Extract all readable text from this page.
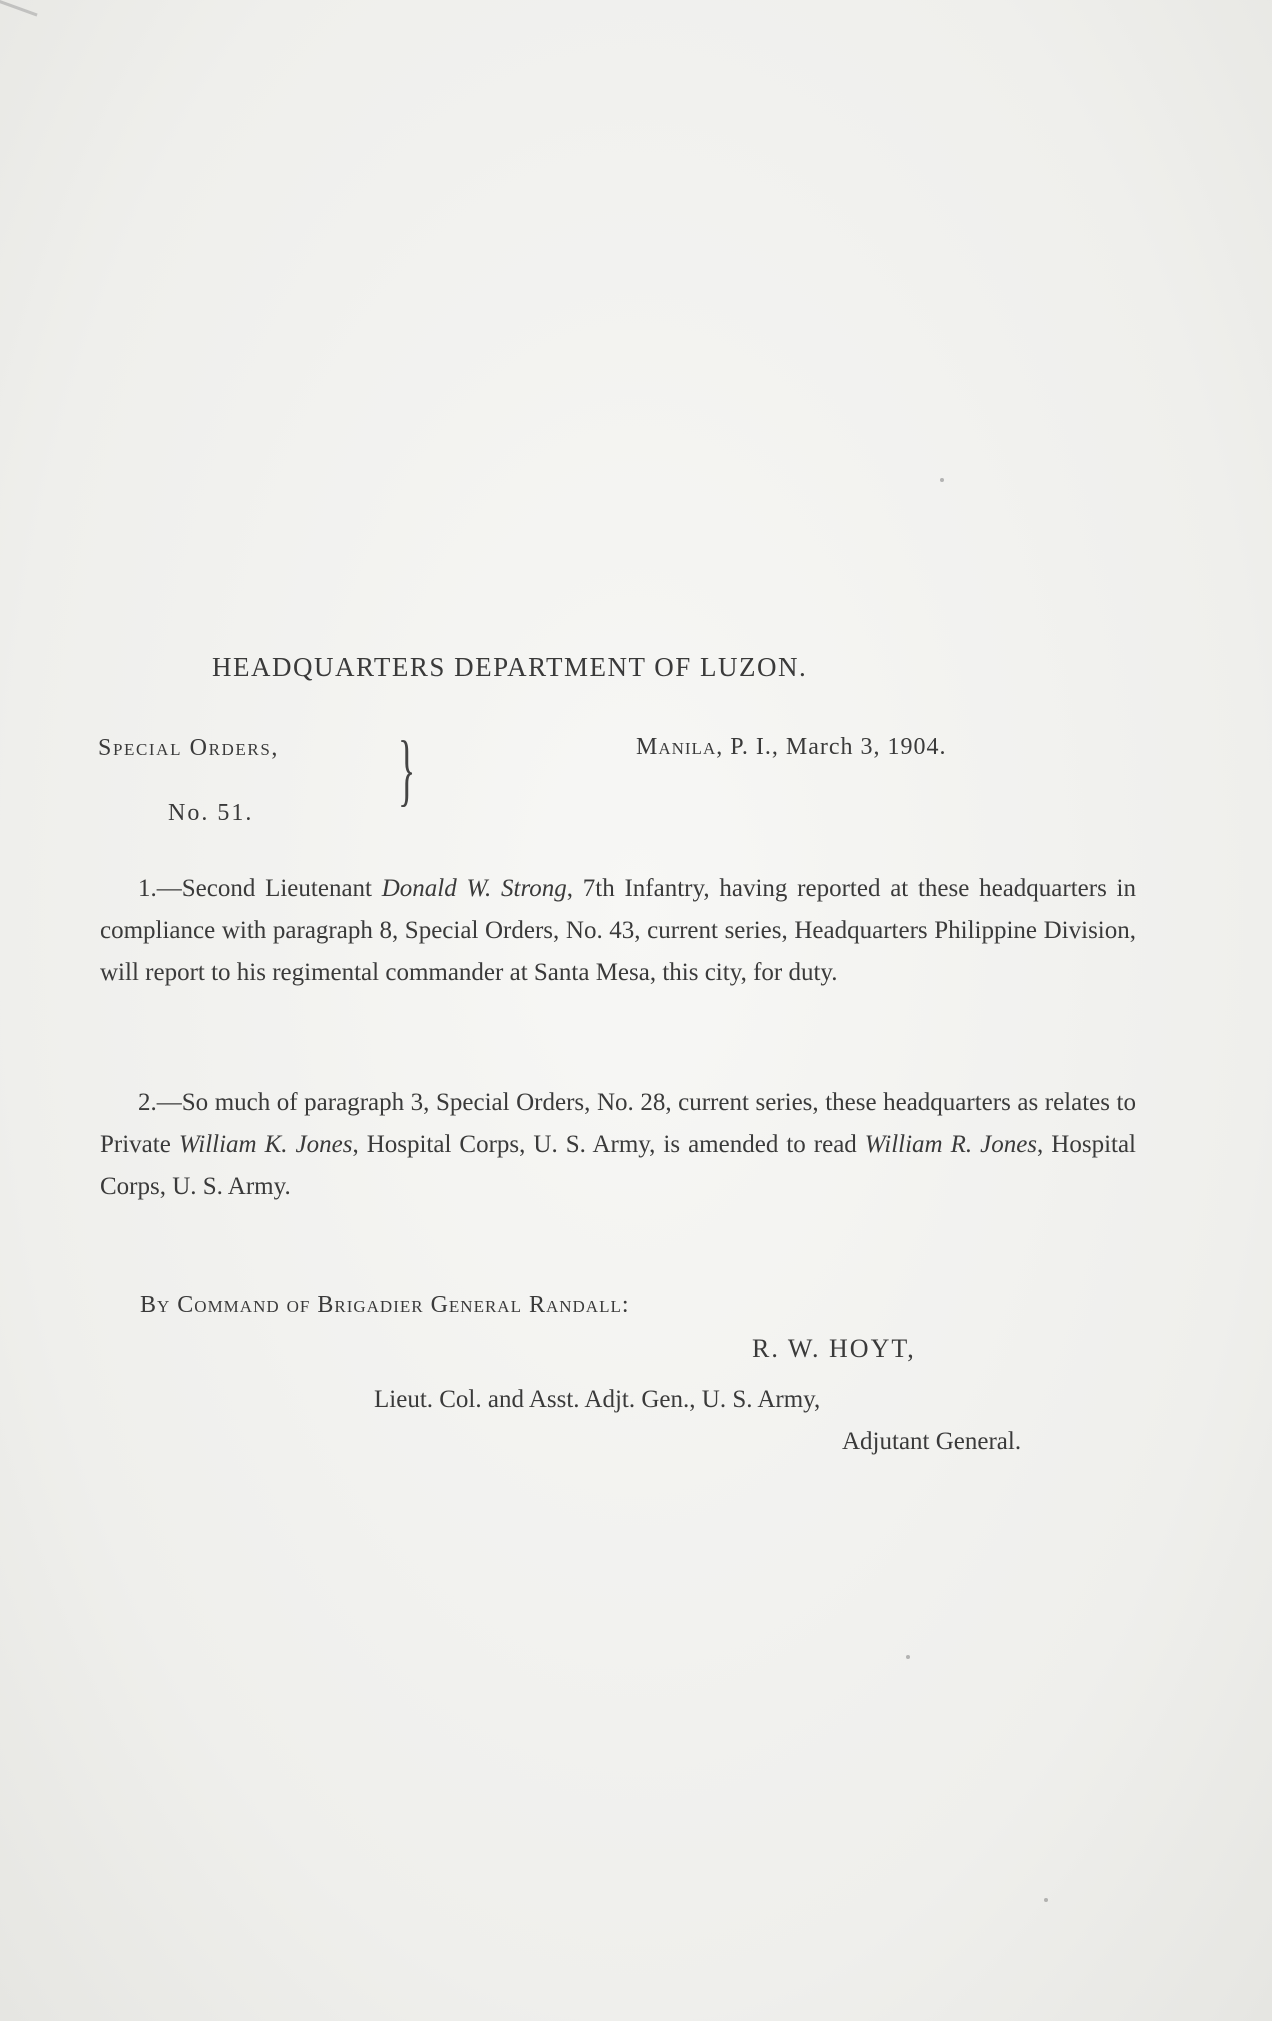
HEADQUARTERS DEPARTMENT OF LUZON.
Special Orders,
No. 51. }	Manila, P. I., March 3, 1904.
1.—Second Lieutenant Donald W. Strong, 7th Infantry, having reported at these headquarters in compliance with paragraph 8, Special Orders, No. 43, current series, Headquarters Philippine Division, will report to his regimental commander at Santa Mesa, this city, for duty.
2.—So much of paragraph 3, Special Orders, No. 28, current series, these headquarters as relates to Private William K. Jones, Hospital Corps, U. S. Army, is amended to read William R. Jones, Hospital Corps, U. S. Army.
By Command of Brigadier General Randall:
R. W. HOYT,
Lieut. Col. and Asst. Adjt. Gen., U. S. Army,
Adjutant General.
